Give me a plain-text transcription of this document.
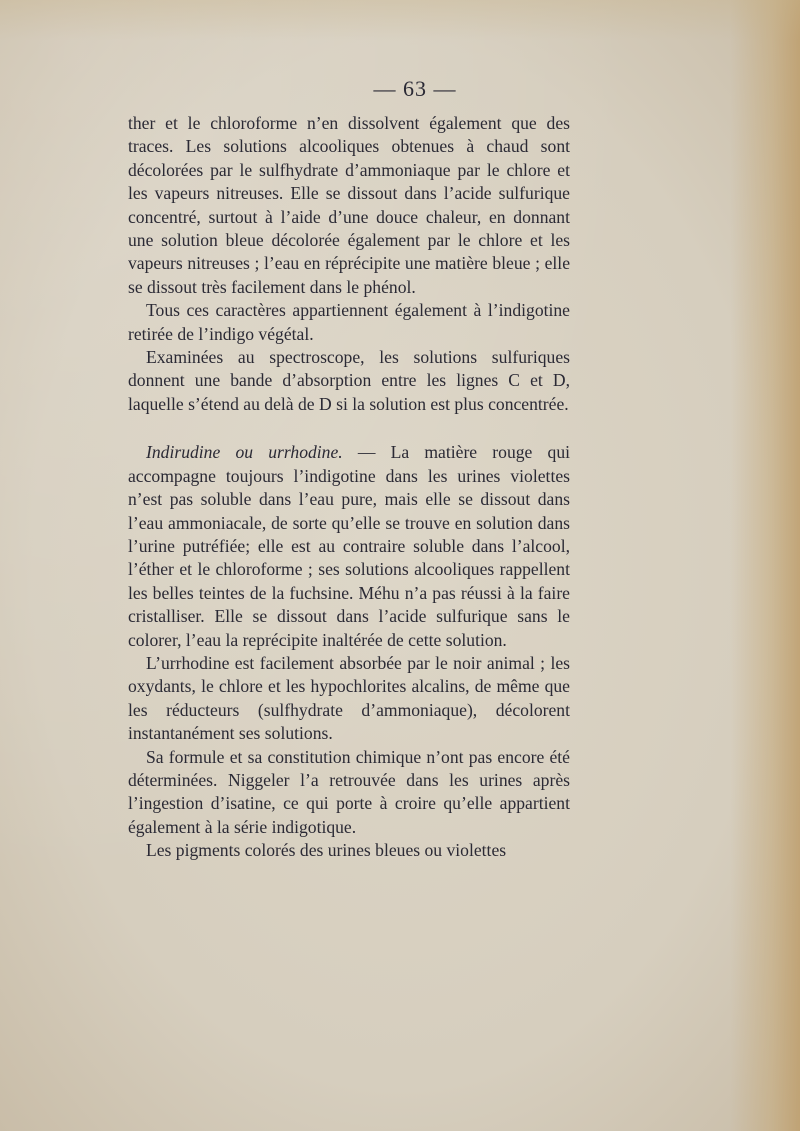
— 63 —

ther et le chloroforme n’en dissolvent également que des traces. Les solutions alcooliques obtenues à chaud sont décolorées par le sulfhydrate d’ammoniaque par le chlore et les vapeurs nitreuses. Elle se dissout dans l’acide sulfurique concentré, surtout à l’aide d’une douce chaleur, en donnant une solution bleue décolorée également par le chlore et les vapeurs nitreuses ; l’eau en réprécipite une matière bleue ; elle se dissout très facilement dans le phénol.

Tous ces caractères appartiennent également à l’indigotine retirée de l’indigo végétal.

Examinées au spectroscope, les solutions sulfuriques donnent une bande d’absorption entre les lignes C et D, laquelle s’étend au delà de D si la solution est plus concentrée.

Indirudine ou urrhodine. — La matière rouge qui accompagne toujours l’indigotine dans les urines violettes n’est pas soluble dans l’eau pure, mais elle se dissout dans l’eau ammoniacale, de sorte qu’elle se trouve en solution dans l’urine putréfiée; elle est au contraire soluble dans l’alcool, l’éther et le chloroforme ; ses solutions alcooliques rappellent les belles teintes de la fuchsine. Méhu n’a pas réussi à la faire cristalliser. Elle se dissout dans l’acide sulfurique sans le colorer, l’eau la reprécipite inaltérée de cette solution.

L’urrhodine est facilement absorbée par le noir animal ; les oxydants, le chlore et les hypochlorites alcalins, de même que les réducteurs (sulfhydrate d’ammoniaque), décolorent instantanément ses solutions.

Sa formule et sa constitution chimique n’ont pas encore été déterminées. Niggeler l’a retrouvée dans les urines après l’ingestion d’isatine, ce qui porte à croire qu’elle appartient également à la série indigotique.

Les pigments colorés des urines bleues ou violettes
